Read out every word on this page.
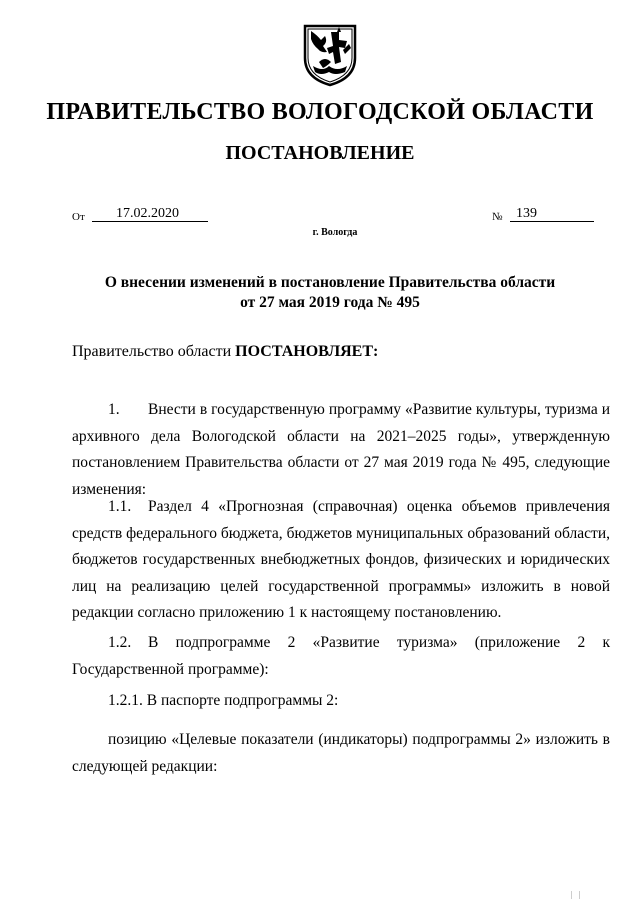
ПРАВИТЕЛЬСТВО ВОЛОГОДСКОЙ ОБЛАСТИ
ПОСТАНОВЛЕНИЕ
От	17.02.2020	№ 139
г. Вологда
О внесении изменений в постановление Правительства области
от 27 мая 2019 года № 495
Правительство области ПОСТАНОВЛЯЕТ:

1. Внести в государственную программу «Развитие культуры, туризма и архивного дела Вологодской области на 2021–2025 годы», утвержденную постановлением Правительства области от 27 мая 2019 года № 495, следующие изменения:

1.1. Раздел 4 «Прогнозная (справочная) оценка объемов привлечения средств федерального бюджета, бюджетов муниципальных образований области, бюджетов государственных внебюджетных фондов, физических и юридических лиц на реализацию целей государственной программы» изложить в новой редакции согласно приложению 1 к настоящему постановлению.

1.2. В подпрограмме 2 «Развитие туризма» (приложение 2 к Государственной программе):

1.2.1. В паспорте подпрограммы 2:

позицию «Целевые показатели (индикаторы) подпрограммы 2» изложить в следующей редакции:

|   |
